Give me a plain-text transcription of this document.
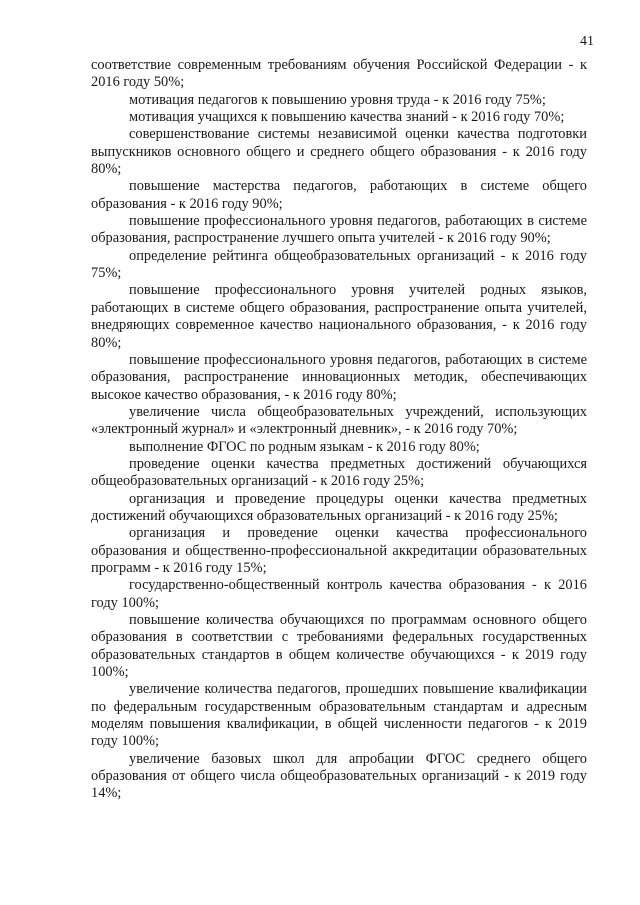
41

соответствие современным требованиям обучения Российской Федерации - к 2016 году 50%;

мотивация педагогов к повышению уровня труда - к 2016 году 75%;

мотивация учащихся к повышению качества знаний - к 2016 году 70%;

совершенствование системы независимой оценки качества подготовки выпускников основного общего и среднего общего образования - к 2016 году 80%;

повышение мастерства педагогов, работающих в системе общего образования - к 2016 году 90%;

повышение профессионального уровня педагогов, работающих в системе образования, распространение лучшего опыта учителей - к 2016 году 90%;

определение рейтинга общеобразовательных организаций - к 2016 году 75%;

повышение профессионального уровня учителей родных языков, работающих в системе общего образования, распространение опыта учителей, внедряющих современное качество национального образования, - к 2016 году 80%;

повышение профессионального уровня педагогов, работающих в системе образования, распространение инновационных методик, обеспечивающих высокое качество образования, - к 2016 году 80%;

увеличение числа общеобразовательных учреждений, использующих «электронный журнал» и «электронный дневник», - к 2016 году 70%;

выполнение ФГОС по родным языкам - к 2016 году 80%;

проведение оценки качества предметных достижений обучающихся общеобразовательных организаций - к 2016 году 25%;

организация и проведение процедуры оценки качества предметных достижений обучающихся образовательных организаций - к 2016 году 25%;

организация и проведение оценки качества профессионального образования и общественно-профессиональной аккредитации образовательных программ - к 2016 году 15%;

государственно-общественный контроль качества образования - к 2016 году 100%;

повышение количества обучающихся по программам основного общего образования в соответствии с требованиями федеральных государственных образовательных стандартов в общем количестве обучающихся - к 2019 году 100%;

увеличение количества педагогов, прошедших повышение квалификации по федеральным государственным образовательным стандартам и адресным моделям повышения квалификации, в общей численности педагогов - к 2019 году 100%;

увеличение базовых школ для апробации ФГОС среднего общего образования от общего числа общеобразовательных организаций - к 2019 году 14%;
